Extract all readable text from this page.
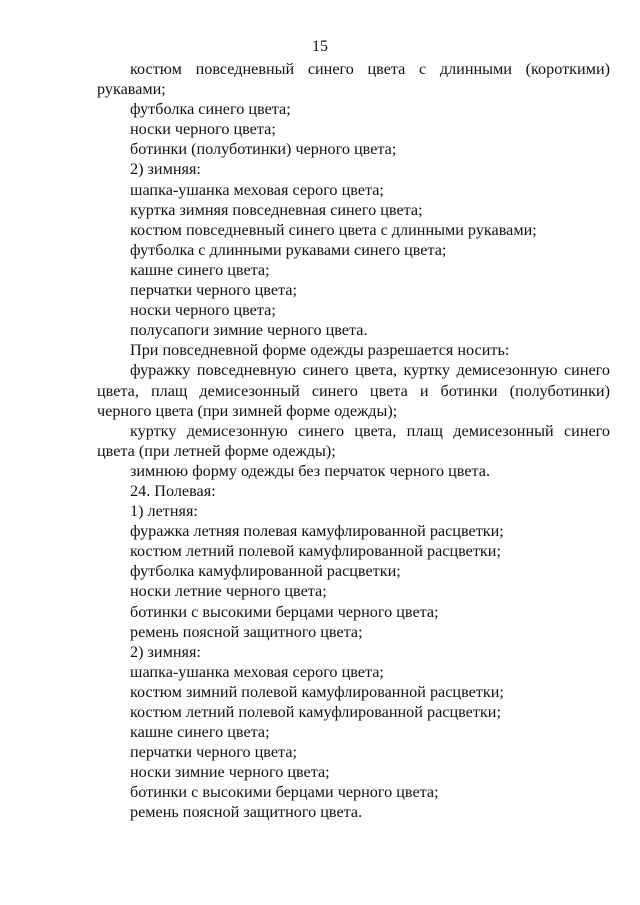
15

костюм повседневный синего цвета с длинными (короткими) рукавами;

футболка синего цвета;

носки черного цвета;

ботинки (полуботинки) черного цвета;

2) зимняя:

шапка-ушанка меховая серого цвета;

куртка зимняя повседневная синего цвета;

костюм повседневный синего цвета с длинными рукавами;

футболка с длинными рукавами синего цвета;

кашне синего цвета;

перчатки черного цвета;

носки черного цвета;

полусапоги зимние черного цвета.

При повседневной форме одежды разрешается носить:

фуражку повседневную синего цвета, куртку демисезонную синего цвета, плащ демисезонный синего цвета и ботинки (полуботинки) черного цвета (при зимней форме одежды);

куртку демисезонную синего цвета, плащ демисезонный синего цвета (при летней форме одежды);

зимнюю форму одежды без перчаток черного цвета.

24. Полевая:

1) летняя:

фуражка летняя полевая камуфлированной расцветки;

костюм летний полевой камуфлированной расцветки;

футболка камуфлированной расцветки;

носки летние черного цвета;

ботинки с высокими берцами черного цвета;

ремень поясной защитного цвета;

2) зимняя:

шапка-ушанка меховая серого цвета;

костюм зимний полевой камуфлированной расцветки;

костюм летний полевой камуфлированной расцветки;

кашне синего цвета;

перчатки черного цвета;

носки зимние черного цвета;

ботинки с высокими берцами черного цвета;

ремень поясной защитного цвета.
